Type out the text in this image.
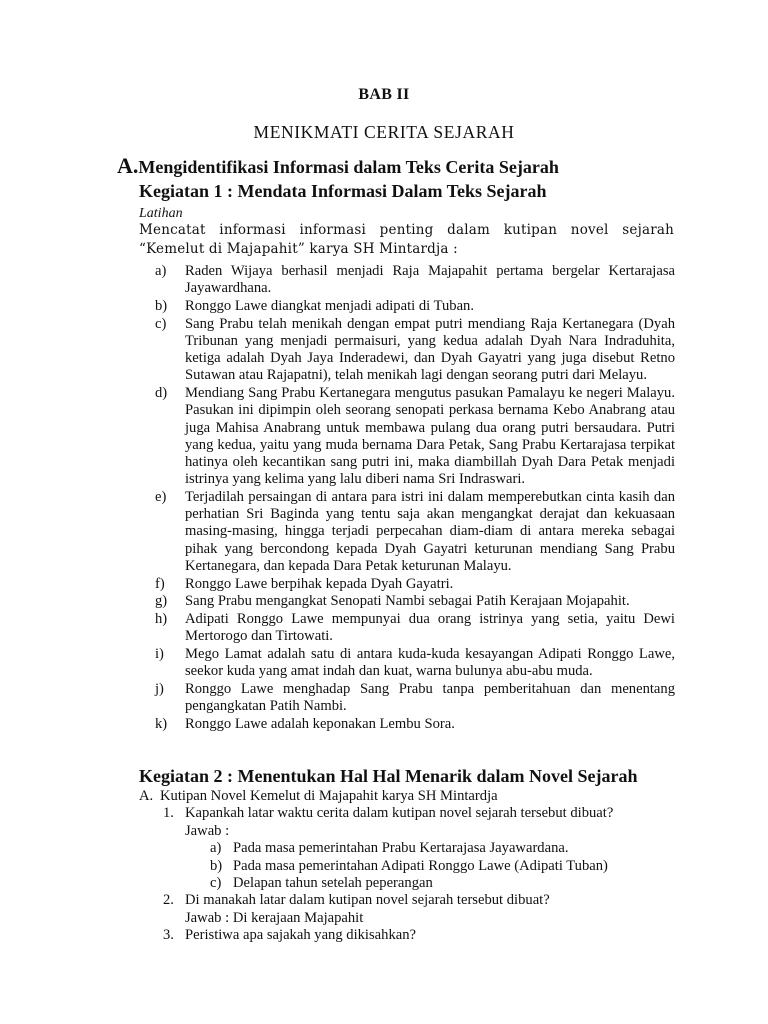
BAB II
MENIKMATI CERITA SEJARAH
A.Mengidentifikasi Informasi dalam Teks Cerita Sejarah
Kegiatan 1 : Mendata Informasi Dalam Teks Sejarah
Latihan
Mencatat informasi informasi penting dalam kutipan novel sejarah “Kemelut di Majapahit” karya SH Mintardja :
a) Raden Wijaya berhasil menjadi Raja Majapahit pertama bergelar Kertarajasa Jayawardhana.
b) Ronggo Lawe diangkat menjadi adipati di Tuban.
c) Sang Prabu telah menikah dengan empat putri mendiang Raja Kertanegara (Dyah Tribunan yang menjadi permaisuri, yang kedua adalah Dyah Nara Indraduhita, ketiga adalah Dyah Jaya Inderadewi, dan Dyah Gayatri yang juga disebut Retno Sutawan atau Rajapatni), telah menikah lagi dengan seorang putri dari Melayu.
d) Mendiang Sang Prabu Kertanegara mengutus pasukan Pamalayu ke negeri Malayu. Pasukan ini dipimpin oleh seorang senopati perkasa bernama Kebo Anabrang atau juga Mahisa Anabrang untuk membawa pulang dua orang putri bersaudara. Putri yang kedua, yaitu yang muda bernama Dara Petak, Sang Prabu Kertarajasa terpikat hatinya oleh kecantikan sang putri ini, maka diambillah Dyah Dara Petak menjadi istrinya yang kelima yang lalu diberi nama Sri Indraswari.
e) Terjadilah persaingan di antara para istri ini dalam memperebutkan cinta kasih dan perhatian Sri Baginda yang tentu saja akan mengangkat derajat dan kekuasaan masing-masing, hingga terjadi perpecahan diam-diam di antara mereka sebagai pihak yang bercondong kepada Dyah Gayatri keturunan mendiang Sang Prabu Kertanegara, dan kepada Dara Petak keturunan Malayu.
f) Ronggo Lawe berpihak kepada Dyah Gayatri.
g) Sang Prabu mengangkat Senopati Nambi sebagai Patih Kerajaan Mojapahit.
h) Adipati Ronggo Lawe mempunyai dua orang istrinya yang setia, yaitu Dewi Mertorogo dan Tirtowati.
i) Mego Lamat adalah satu di antara kuda-kuda kesayangan Adipati Ronggo Lawe, seekor kuda yang amat indah dan kuat, warna bulunya abu-abu muda.
j) Ronggo Lawe menghadap Sang Prabu tanpa pemberitahuan dan menentang pengangkatan Patih Nambi.
k) Ronggo Lawe adalah keponakan Lembu Sora.
Kegiatan 2 : Menentukan Hal Hal Menarik dalam Novel Sejarah
A. Kutipan Novel Kemelut di Majapahit karya SH Mintardja
1. Kapankah latar waktu cerita dalam kutipan novel sejarah tersebut dibuat?
Jawab :
a) Pada masa pemerintahan Prabu Kertarajasa Jayawardana.
b) Pada masa pemerintahan Adipati Ronggo Lawe (Adipati Tuban)
c) Delapan tahun setelah peperangan
2. Di manakah latar dalam kutipan novel sejarah tersebut dibuat?
Jawab : Di kerajaan Majapahit
3. Peristiwa apa sajakah yang dikisahkan?
